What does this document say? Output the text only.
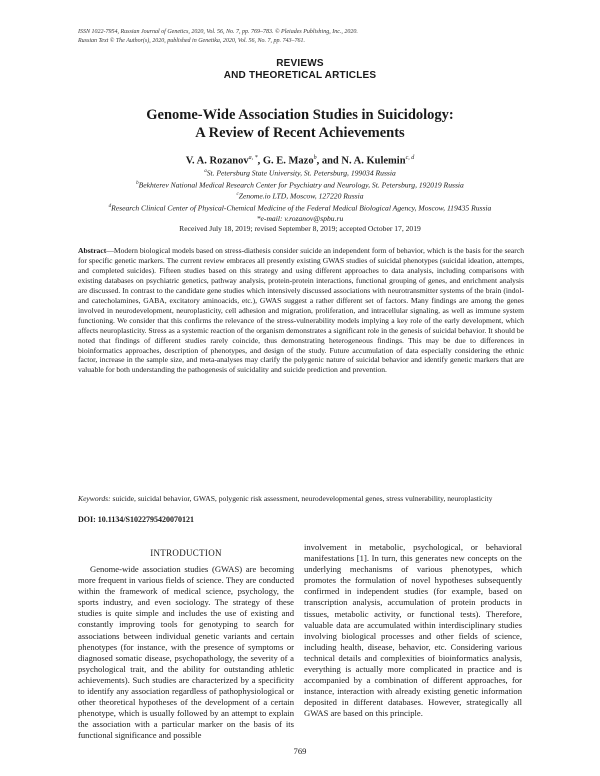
ISSN 1022-7954, Russian Journal of Genetics, 2020, Vol. 56, No. 7, pp. 769–783. © Pleiades Publishing, Inc., 2020.
Russian Text © The Author(s), 2020, published in Genetika, 2020, Vol. 56, No. 7, pp. 743–761.
REVIEWS
AND THEORETICAL ARTICLES
Genome-Wide Association Studies in Suicidology:
A Review of Recent Achievements
V. A. Rozanov$^{a, *}$, G. E. Mazo$^b$, and N. A. Kulemin$^{c, d}$
$^a$St. Petersburg State University, St. Petersburg, 199034 Russia
$^b$Bekhterev National Medical Research Center for Psychiatry and Neurology, St. Petersburg, 192019 Russia
$^c$Zenome.io LTD, Moscow, 127220 Russia
$^d$Research Clinical Center of Physical-Chemical Medicine of the Federal Medical Biological Agency, Moscow, 119435 Russia
*e-mail: v.rozanov@spbu.ru
Received July 18, 2019; revised September 8, 2019; accepted October 17, 2019
Abstract—Modern biological models based on stress-diathesis consider suicide an independent form of behavior, which is the basis for the search for specific genetic markers. The current review embraces all presently existing GWAS studies of suicidal phenotypes (suicidal ideation, attempts, and completed suicides). Fifteen studies based on this strategy and using different approaches to data analysis, including comparisons with existing databases on psychiatric genetics, pathway analysis, protein-protein interactions, functional grouping of genes, and enrichment analysis are discussed. In contrast to the candidate gene studies which intensively discussed associations with neurotransmitter systems of the brain (indol- and catecholamines, GABA, excitatory aminoacids, etc.), GWAS suggest a rather different set of factors. Many findings are among the genes involved in neurodevelopment, neuroplasticity, cell adhesion and migration, proliferation, and intracellular signaling, as well as immune system functioning. We consider that this confirms the relevance of the stress-vulnerability models implying a key role of the early development, which affects neuroplasticity. Stress as a systemic reaction of the organism demonstrates a significant role in the genesis of suicidal behavior. It should be noted that findings of different studies rarely coincide, thus demonstrating heterogeneous findings. This may be due to differences in bioinformatics approaches, description of phenotypes, and design of the study. Future accumulation of data especially considering the ethnic factor, increase in the sample size, and meta-analyses may clarify the polygenic nature of suicidal behavior and identify genetic markers that are valuable for both understanding the pathogenesis of suicidality and suicide prediction and prevention.
Keywords: suicide, suicidal behavior, GWAS, polygenic risk assessment, neurodevelopmental genes, stress vulnerability, neuroplasticity
DOI: 10.1134/S1022795420070121
INTRODUCTION

Genome-wide association studies (GWAS) are becoming more frequent in various fields of science. They are conducted within the framework of medical science, psychology, the sports industry, and even sociology. The strategy of these studies is quite simple and includes the use of existing and constantly improving tools for genotyping to search for associations between individual genetic variants and certain phenotypes (for instance, with the presence of symptoms or diagnosed somatic disease, psychopathology, the severity of a psychological trait, and the ability for outstanding athletic achievements). Such studies are characterized by a specificity to identify any association regardless of pathophysiological or other theoretical hypotheses of the development of a certain phenotype, which is usually followed by an attempt to explain the association with a particular marker on the basis of its functional significance and possible

involvement in metabolic, psychological, or behavioral manifestations [1]. In turn, this generates new concepts on the underlying mechanisms of various phenotypes, which promotes the formulation of novel hypotheses subsequently confirmed in independent studies (for example, based on transcription analysis, accumulation of protein products in tissues, metabolic activity, or functional tests). Therefore, valuable data are accumulated within interdisciplinary studies involving biological processes and other fields of science, including health, disease, behavior, etc. Considering various technical details and complexities of bioinformatics analysis, everything is actually more complicated in practice and is accompanied by a combination of different approaches, for instance, interaction with already existing genetic information deposited in different databases. However, strategically all GWAS are based on this principle.

769
